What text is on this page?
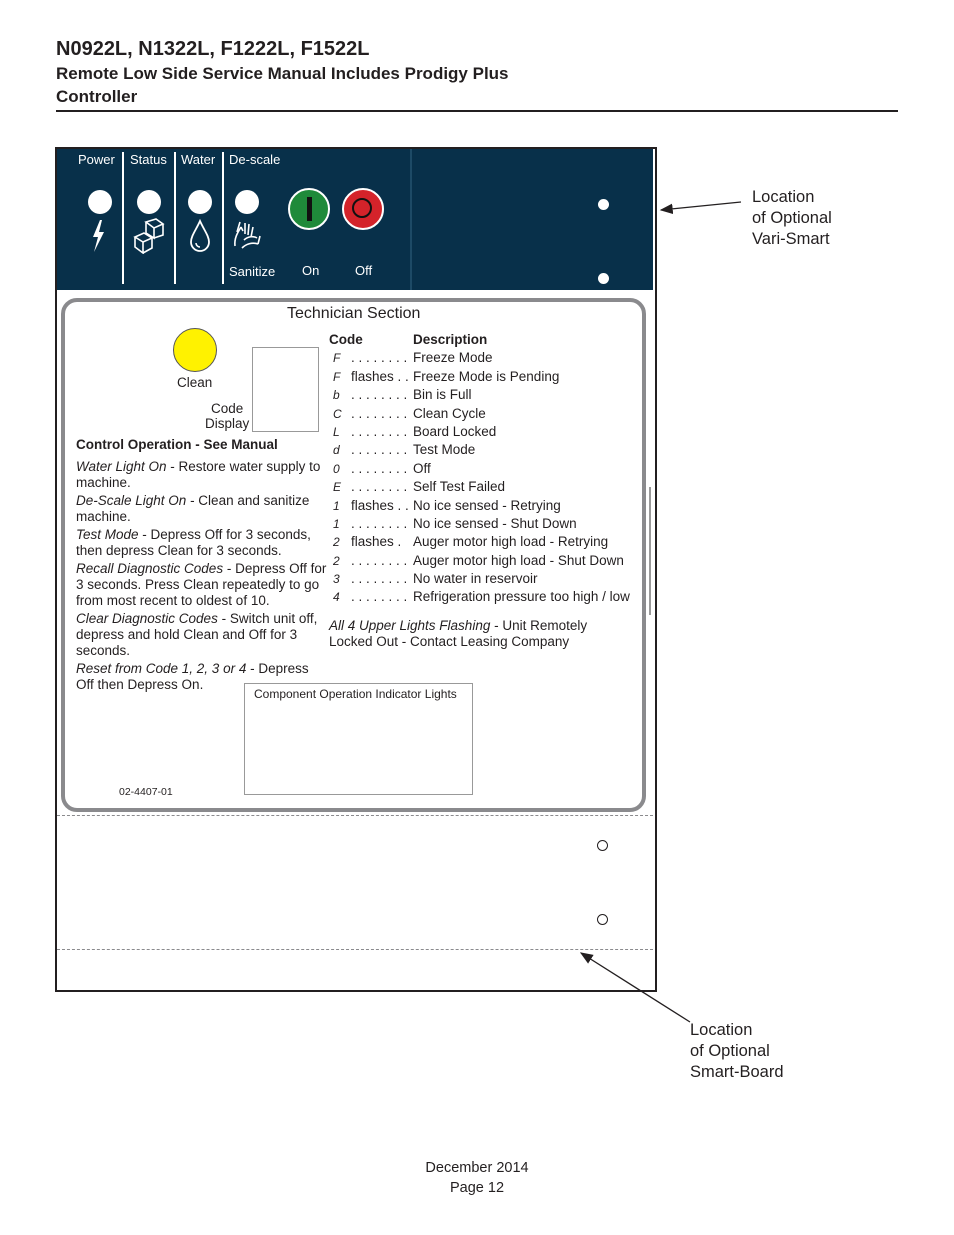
N0922L, N1322L, F1222L, F1522L
Remote Low Side Service Manual Includes Prodigy Plus
Controller
Power Status Water De-scale
Sanitize On	Off
Technician Section
Clean
Code
Display

Control Operation - See Manual

Water Light On - Restore water supply to machine.

De-Scale Light On - Clean and sanitize machine.

Test Mode - Depress Off for 3 seconds, then depress Clean for 3 seconds.

Recall Diagnostic Codes - Depress Off for 3 seconds. Press Clean repeatedly to go from most recent to oldest of 10.

Clear Diagnostic Codes - Switch unit off, depress and hold Clean and Off for 3 seconds.

Reset from Code 1, 2, 3 or 4 - Depress Off then Depress On.

Code	Description
F . . . . . . . . Freeze Mode
F flashes . . Freeze Mode is Pending
b . . . . . . . . Bin is Full
C . . . . . . . . Clean Cycle
L . . . . . . . . Board Locked
d . . . . . . . . Test Mode
0 . . . . . . . . Off
E . . . . . . . . Self Test Failed
1 flashes . . No ice sensed - Retrying
1 . . . . . . . . No ice sensed - Shut Down
2 flashes . Auger motor high load - Retrying
2 . . . . . . . . Auger motor high load - Shut Down
3 . . . . . . . . No water in reservoir
4 . . . . . . . . Refrigeration pressure too high / low
All 4 Upper Lights Flashing - Unit Remotely
Locked Out - Contact Leasing Company
Component Operation Indicator Lights
02-4407-01
Location
of Optional
Vari-Smart
Location
of Optional
Smart-Board
December 2014
Page 12
